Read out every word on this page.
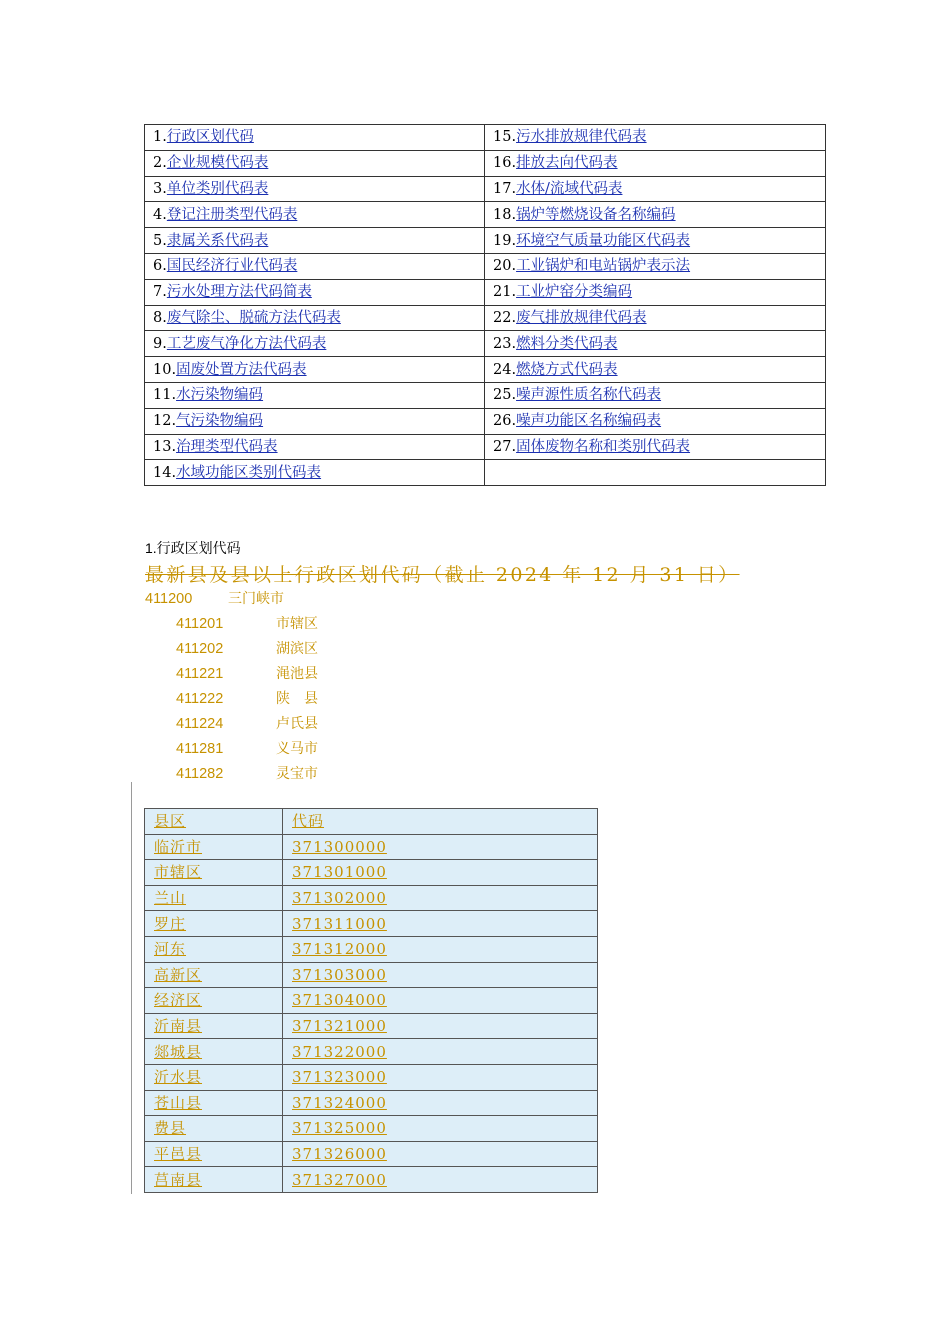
1.行政区划代码	15.污水排放规律代码表
2.企业规模代码表	16.排放去向代码表
3.单位类别代码表	17.水体/流域代码表
4.登记注册类型代码表	18.锅炉等燃烧设备名称编码
5.隶属关系代码表	19.环境空气质量功能区代码表
6.国民经济行业代码表	20.工业锅炉和电站锅炉表示法
7.污水处理方法代码简表	21.工业炉窑分类编码
8.废气除尘、脱硫方法代码表	22.废气排放规律代码表
9.工艺废气净化方法代码表	23.燃料分类代码表
10.固废处置方法代码表	24.燃烧方式代码表
11.水污染物编码	25.噪声源性质名称代码表
12.气污染物编码	26.噪声功能区名称编码表
13.治理类型代码表	27.固体废物名称和类别代码表
14.水域功能区类别代码表	
1.行政区划代码
最新县及县以上行政区划代码（截止 2024 年 12 月 31 日）
411200	三门峡市
411201	市辖区
411202	湖滨区
411221	渑池县
411222	陕　县
411224	卢氏县
411281	义马市
411282	灵宝市
县区	代码
临沂市	371300000
市辖区	371301000
兰山	371302000
罗庄	371311000
河东	371312000
高新区	371303000
经济区	371304000
沂南县	371321000
郯城县	371322000
沂水县	371323000
苍山县	371324000
费县	371325000
平邑县	371326000
莒南县	371327000
